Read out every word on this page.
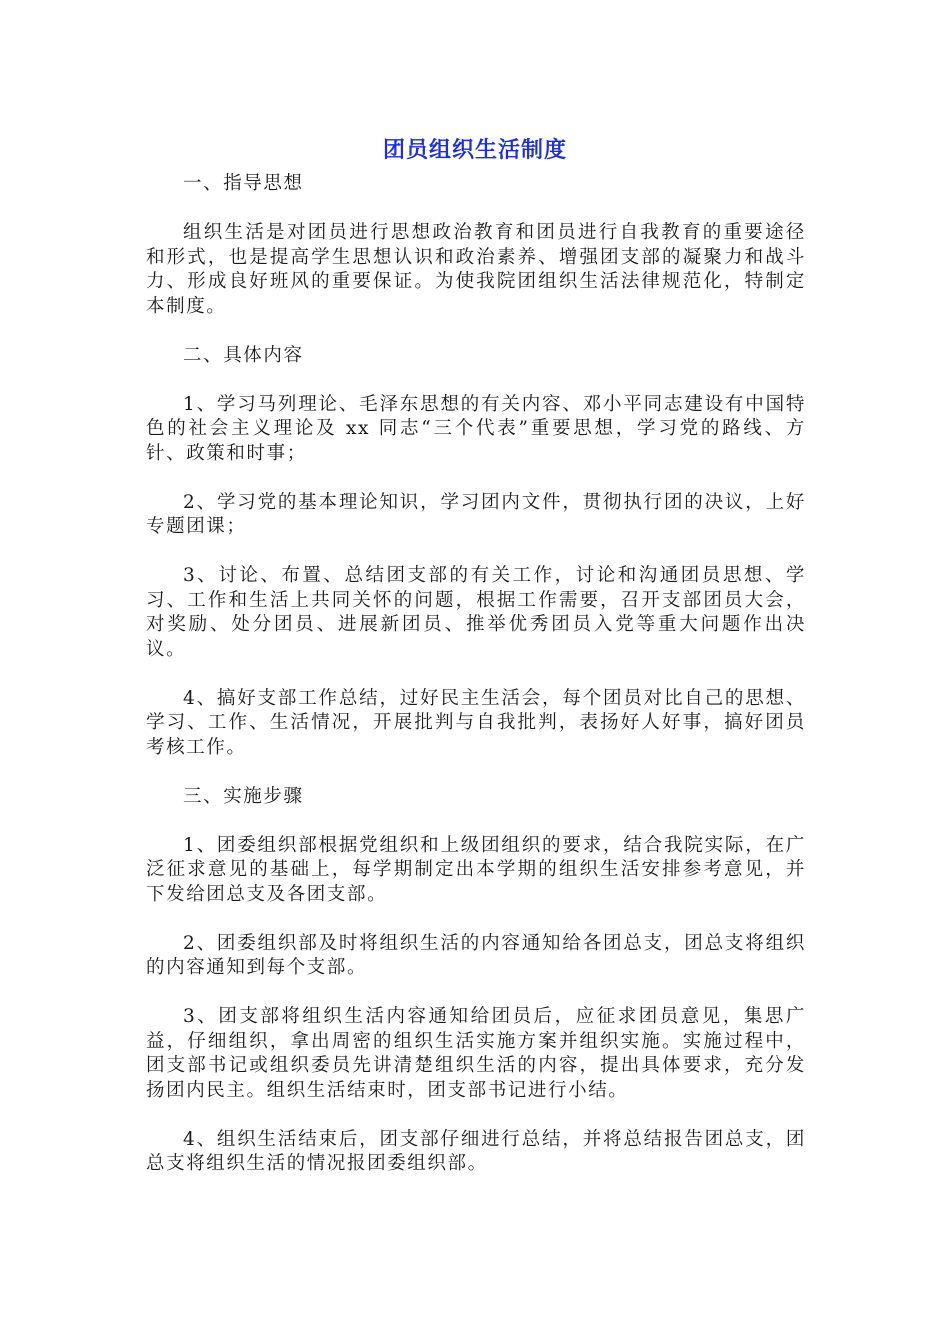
团员组织生活制度

一、指导思想

组织生活是对团员进行思想政治教育和团员进行自我教育的重要途径和形式，也是提高学生思想认识和政治素养、增强团支部的凝聚力和战斗力、形成良好班风的重要保证。为使我院团组织生活法律规范化，特制定本制度。

二、具体内容

1、学习马列理论、毛泽东思想的有关内容、邓小平同志建设有中国特色的社会主义理论及 xx 同志“三个代表”重要思想，学习党的路线、方针、政策和时事；

2、学习党的基本理论知识，学习团内文件，贯彻执行团的决议，上好专题团课；

3、讨论、布置、总结团支部的有关工作，讨论和沟通团员思想、学习、工作和生活上共同关怀的问题，根据工作需要，召开支部团员大会，对奖励、处分团员、进展新团员、推举优秀团员入党等重大问题作出决议。

4、搞好支部工作总结，过好民主生活会，每个团员对比自己的思想、学习、工作、生活情况，开展批判与自我批判，表扬好人好事，搞好团员考核工作。

三、实施步骤

1、团委组织部根据党组织和上级团组织的要求，结合我院实际，在广泛征求意见的基础上，每学期制定出本学期的组织生活安排参考意见，并下发给团总支及各团支部。

2、团委组织部及时将组织生活的内容通知给各团总支，团总支将组织的内容通知到每个支部。

3、团支部将组织生活内容通知给团员后，应征求团员意见，集思广益，仔细组织，拿出周密的组织生活实施方案并组织实施。实施过程中，团支部书记或组织委员先讲清楚组织生活的内容，提出具体要求，充分发扬团内民主。组织生活结束时，团支部书记进行小结。

4、组织生活结束后，团支部仔细进行总结，并将总结报告团总支，团总支将组织生活的情况报团委组织部。
